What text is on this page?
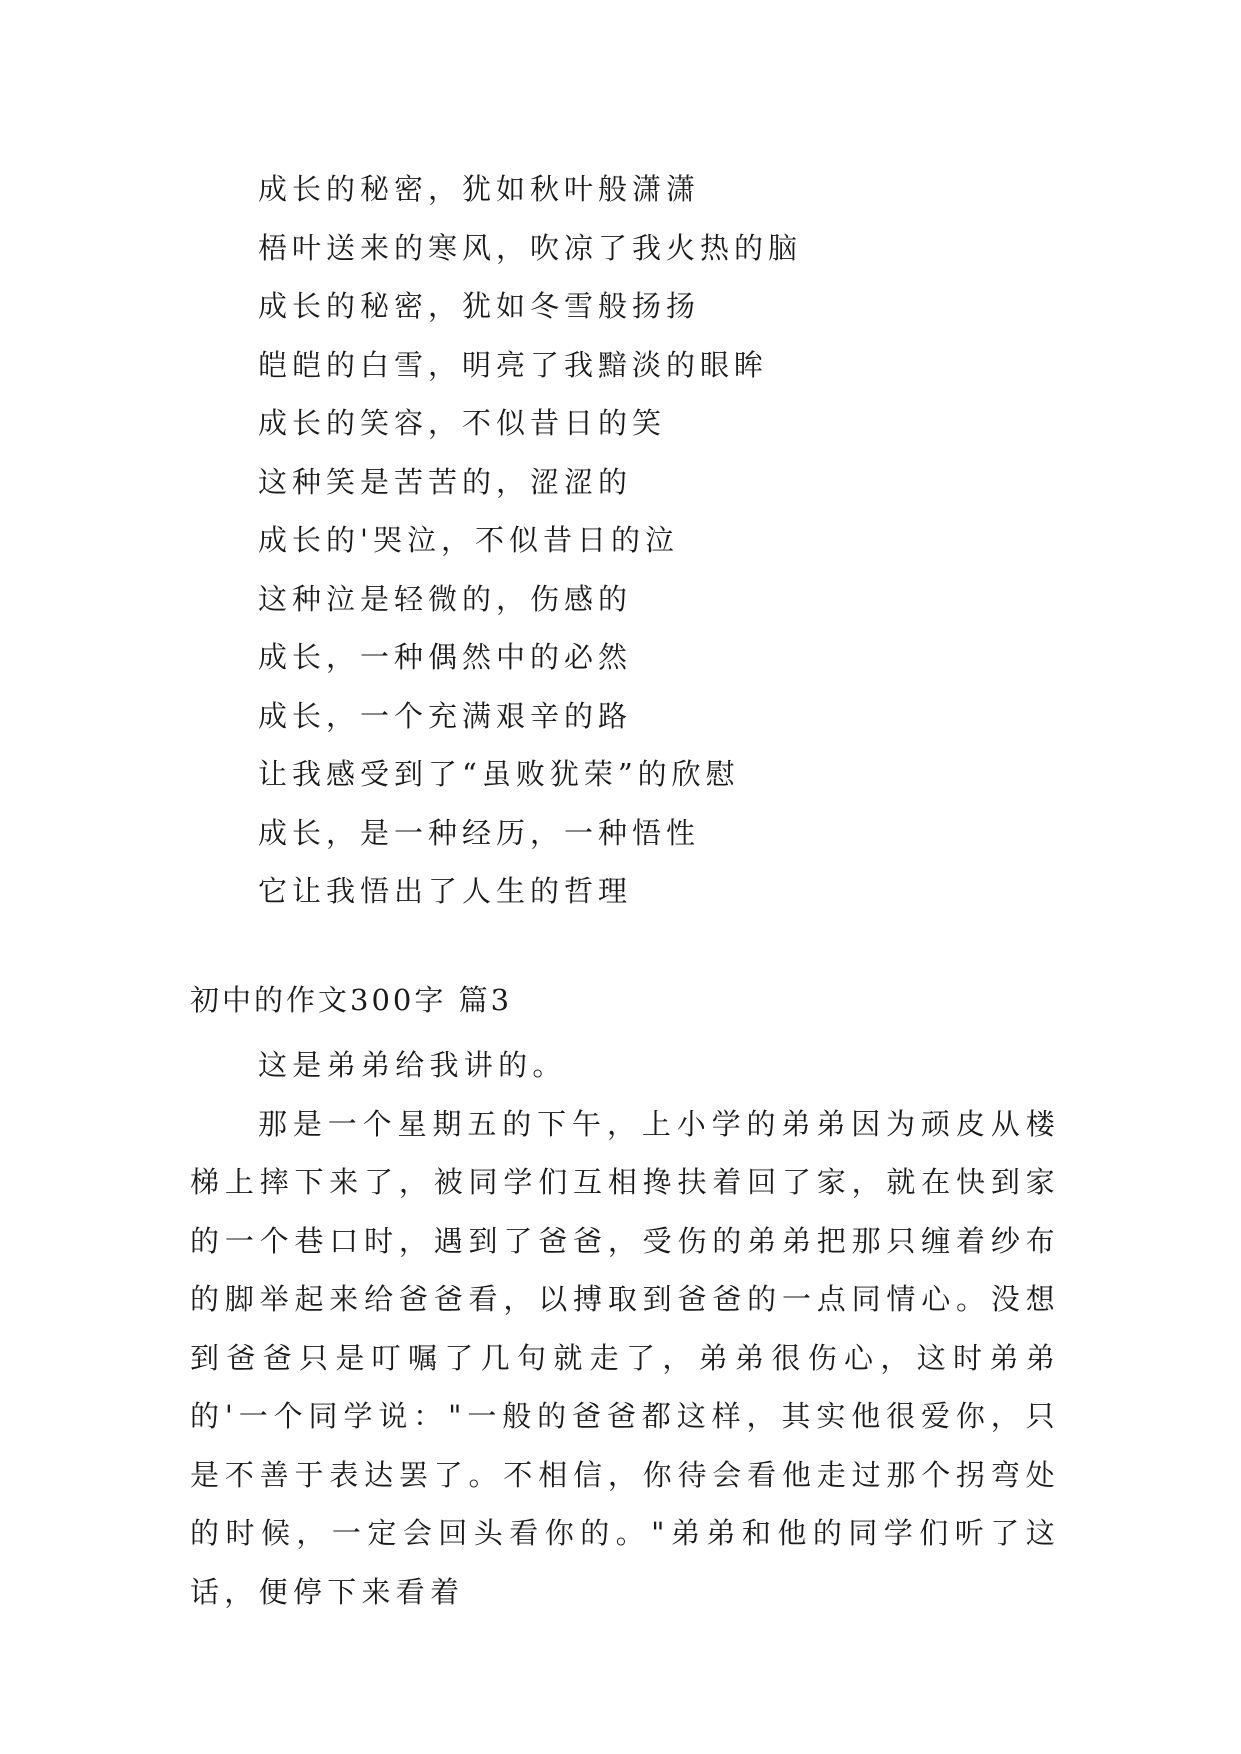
成长的秘密，犹如秋叶般潇潇
梧叶送来的寒风，吹凉了我火热的脑
成长的秘密，犹如冬雪般扬扬
皑皑的白雪，明亮了我黯淡的眼眸
成长的笑容，不似昔日的笑
这种笑是苦苦的，涩涩的
成长的'哭泣，不似昔日的泣
这种泣是轻微的，伤感的
成长，一种偶然中的必然
成长，一个充满艰辛的路
让我感受到了“虽败犹荣”的欣慰
成长，是一种经历，一种悟性
它让我悟出了人生的哲理
初中的作文300字 篇3

这是弟弟给我讲的。

那是一个星期五的下午，上小学的弟弟因为顽皮从楼梯上摔下来了，被同学们互相搀扶着回了家，就在快到家的一个巷口时，遇到了爸爸，受伤的弟弟把那只缠着纱布的脚举起来给爸爸看，以搏取到爸爸的一点同情心。没想到爸爸只是叮嘱了几句就走了，弟弟很伤心，这时弟弟的'一个同学说："一般的爸爸都这样，其实他很爱你，只是不善于表达罢了。不相信，你待会看他走过那个拐弯处的时候，一定会回头看你的。"弟弟和他的同学们听了这话，便停下来看着
